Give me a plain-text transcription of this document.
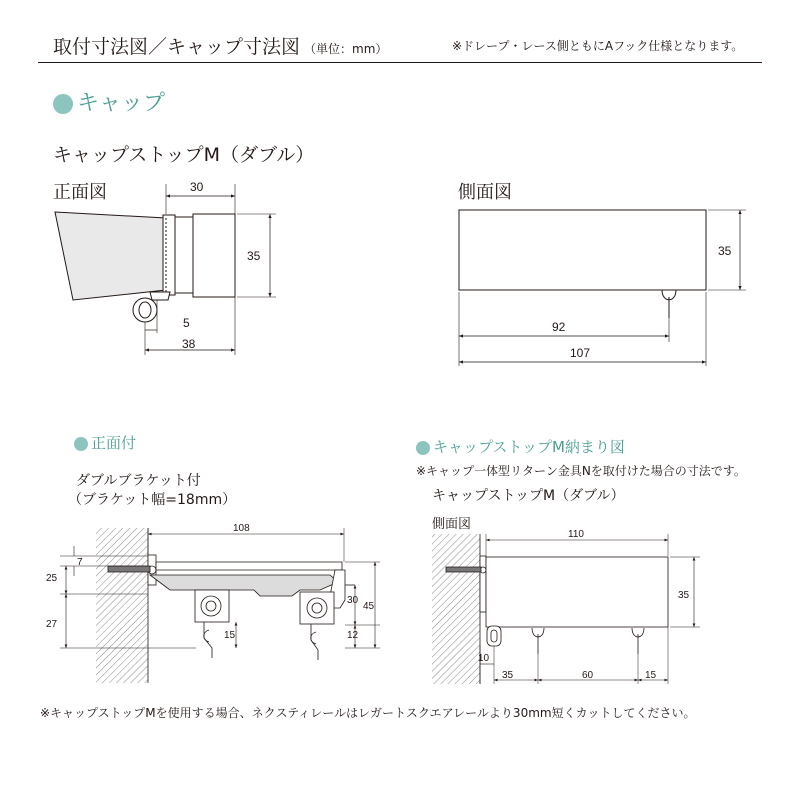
取付寸法図／キャップ寸法図 （単位：mm）	※ドレープ・レース側ともにAフック仕様となります。
キャップ
キャップストップM（ダブル）
正面図	側面図
正面付
ダブルブラケット付
（ブラケット幅=18mm）
キャップストップM納まり図
※キャップ一体型リターン金具Nを取付けた場合の寸法です。
キャップストップM（ダブル）
側面図
※キャップストップMを使用する場合、ネクスティレールはレガートスクエアレールより30mm短くカットしてください。
30
35
5
38
35
92
107
108
7
25
27
30
45
12
15
110
35
10
35	60	15
